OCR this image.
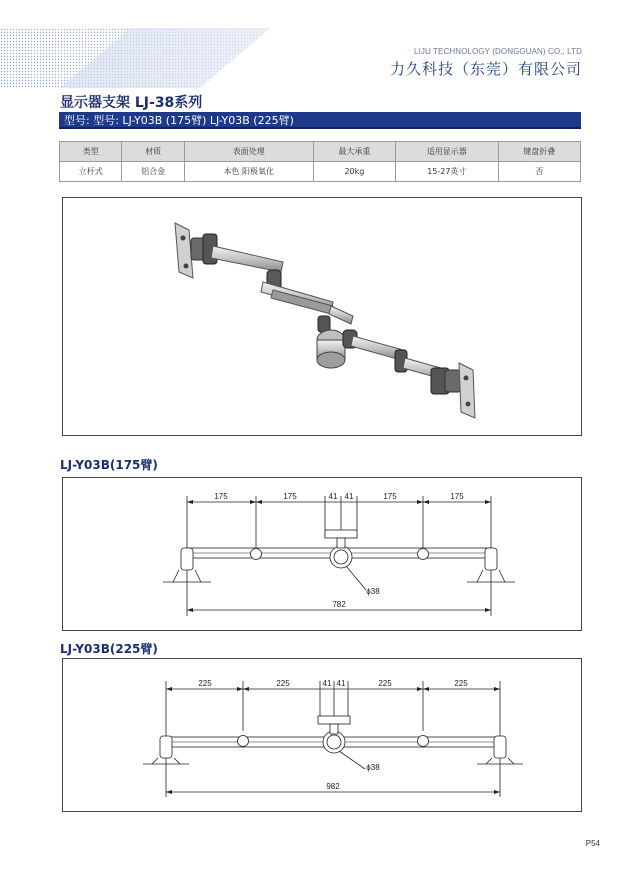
LIJU TECHNOLOGY (DONGGUAN) CO., LTD
力久科技（东莞）有限公司
显示器支架 LJ-38系列
型号: 型号: LJ-Y03B (175臂) LJ-Y03B (225臂)
类型	材质	表面处理	最大承重	适用显示器	键盘折叠
立杆式	铝合金	本色 阳极氧化	20kg	15-27英寸	否
LJ-Y03B(175臂)
175	175	41 41	175	175
ϕ38
782
LJ-Y03B(225臂)
225	225	41 41	225	225
ϕ38
982
P54
